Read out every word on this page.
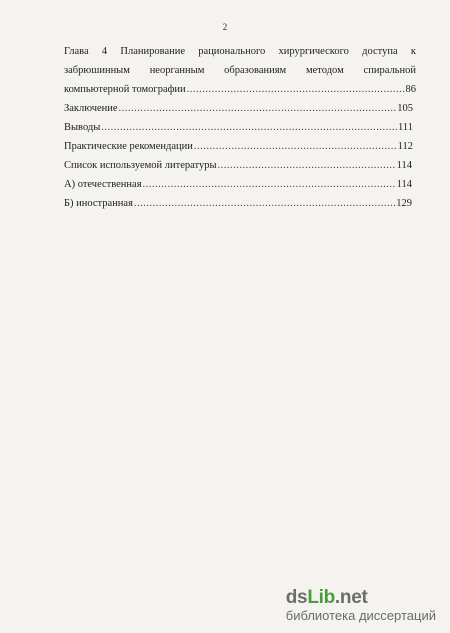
2
Глава 4 Планирование рационального хирургического доступа к
забрюшинным неорганным образованиям методом спиральной
компьютерной томографии .....	86
Заключение .....	105
Выводы .....	111
Практические рекомендации .....	112
Список используемой литературы .....	114
А) отечественная .....	114
Б) иностранная .....	129
dsLib.net
библиотека диссертаций
